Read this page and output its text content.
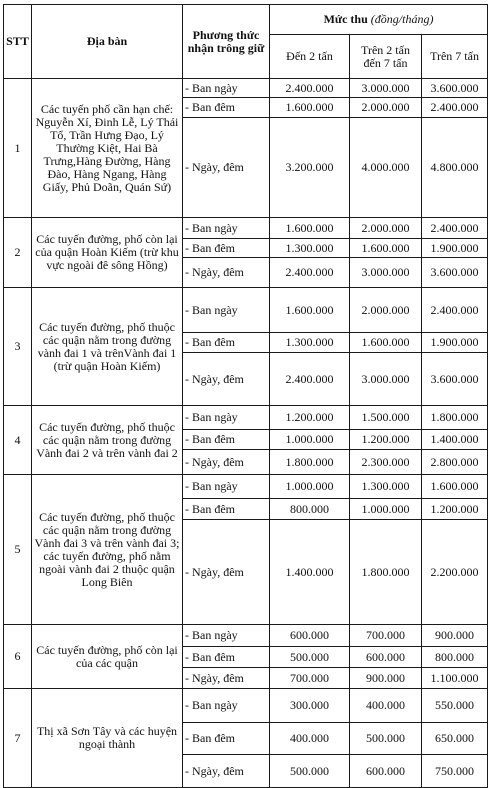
STT	Địa bàn	Phương thức nhận trông giữ	Mức thu (đồng/tháng)		
			Đến 2 tấn	Trên 2 tấn đến 7 tấn	Trên 7 tấn
1	Các tuyến phố cần hạn chế: Nguyễn Xí, Đinh Lễ, Lý Thái Tổ, Trần Hưng Đạo, Lý Thường Kiệt, Hai Bà Trưng,Hàng Đường, Hàng Đào, Hàng Ngang, Hàng Giấy, Phủ Doãn, Quán Sứ)	- Ban ngày	2.400.000	3.000.000	3.600.000
		- Ban đêm	1.600.000	2.000.000	2.400.000
		- Ngày, đêm	3.200.000	4.000.000	4.800.000
2	Các tuyến đường, phố còn lại của quận Hoàn Kiếm (trừ khu vực ngoài đê sông Hồng)	- Ban ngày	1.600.000	2.000.000	2.400.000
		- Ban đêm	1.300.000	1.600.000	1.900.000
		- Ngày, đêm	2.400.000	3.000.000	3.600.000
3	Các tuyến đường, phố thuộc các quận nằm trong đường vành đai 1 và trênVành đai 1 (trừ quận Hoàn Kiếm)	- Ban ngày	1.600.000	2.000.000	2.400.000
		- Ban đêm	1.300.000	1.600.000	1.900.000
		- Ngày, đêm	2.400.000	3.000.000	3.600.000
4	Các tuyến đường, phố thuộc các quận nằm trong đường Vành đai 2 và trên vành đai 2	- Ban ngày	1.200.000	1.500.000	1.800.000
		- Ban đêm	1.000.000	1.200.000	1.400.000
		- Ngày, đêm	1.800.000	2.300.000	2.800.000
5	Các tuyến đường, phố thuộc các quận nằm trong đường Vành đai 3 và trên vành đai 3; các tuyến đường, phố nằm ngoài vành đai 2 thuộc quận Long Biên	- Ban ngày	1.000.000	1.300.000	1.600.000
		- Ban đêm	800.000	1.000.000	1.200.000
		- Ngày, đêm	1.400.000	1.800.000	2.200.000
6	Các tuyến đường, phố còn lại của các quận	- Ban ngày	600.000	700.000	900.000
		- Ban đêm	500.000	600.000	800.000
		- Ngày, đêm	700.000	900.000	1.100.000
7	Thị xã Sơn Tây và các huyện ngoại thành	- Ban ngày	300.000	400.000	550.000
		- Ban đêm	400.000	500.000	650.000
		- Ngày, đêm	500.000	600.000	750.000
